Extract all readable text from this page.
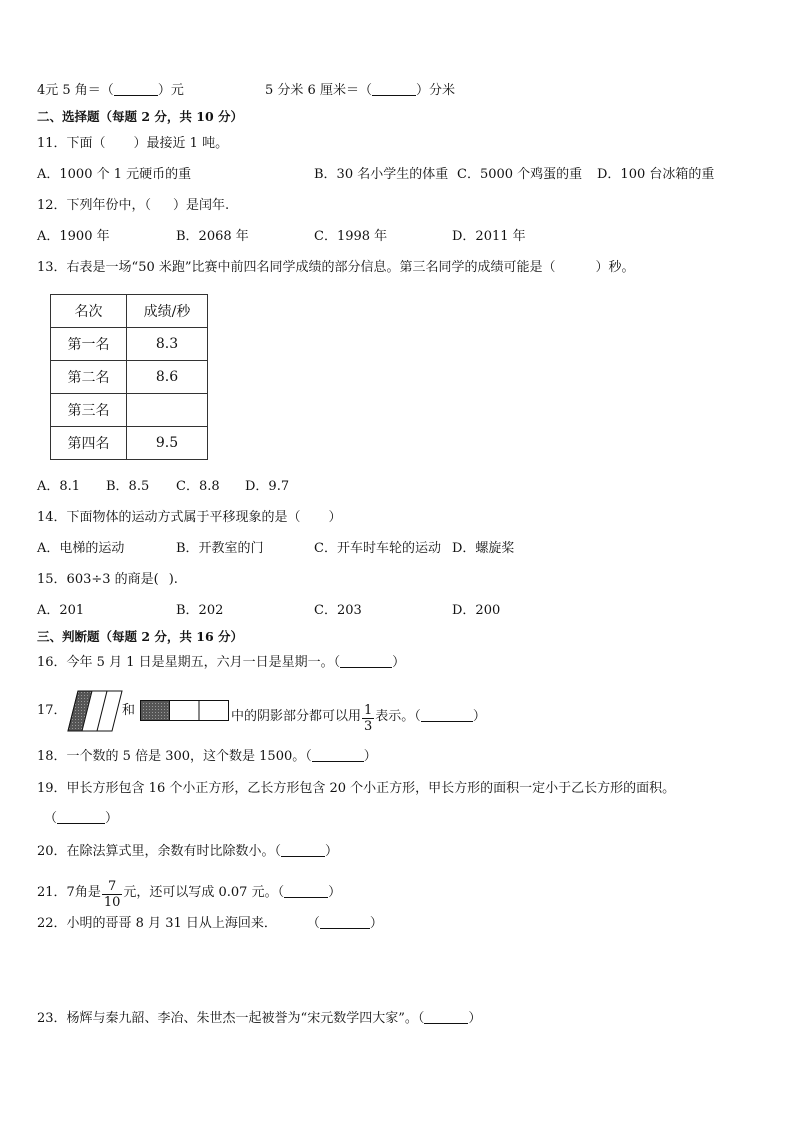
4元 5 角＝（	）元	5 分米 6 厘米＝（	）分米
二、选择题（每题 2 分，共 10 分）
11．下面（ ）最接近 1 吨。
A．1000 个 1 元硬币的重	B．30 名小学生的体重 C．5000 个鸡蛋的重 D．100 台冰箱的重
12．下列年份中，（ ）是闰年.
A．1900 年	B．2068 年	C．1998 年	D．2011 年
13．右表是一场“50 米跑”比赛中前四名同学成绩的部分信息。第三名同学的成绩可能是（	）秒。
名次	成绩/秒
第一名	8.3
第二名	8.6
第三名	
第四名	9.5
A．8.1 B．8.5 C．8.8 D．9.7
14．下面物体的运动方式属于平移现象的是（ ）
A．电梯的运动	B．开教室的门	C．开车时车轮的运动 D．螺旋桨
15．603÷3 的商是( ).
A．201	B．202	C．203	D．200
三、判断题（每题 2 分，共 16 分）
16．今年 5 月 1 日是星期五，六月一日是星期一。（	）
17．	和	中的阴影部分都可以用 $\frac{1}{3}$ 表示。（	）
18．一个数的 5 倍是 300，这个数是 1500。（	）
19．甲长方形包含 16 个小正方形，乙长方形包含 20 个小正方形，甲长方形的面积一定小于乙长方形的面积。
（	）
20．在除法算式里，余数有时比除数小。（	）
21．7角是 $\frac{7}{10}$ 元，还可以写成 0.07 元。（	）
22．小明的哥哥 8 月 31 日从上海回来． （	）
23．杨辉与秦九韶、李冶、朱世杰一起被誉为“宋元数学四大家”。（	）
